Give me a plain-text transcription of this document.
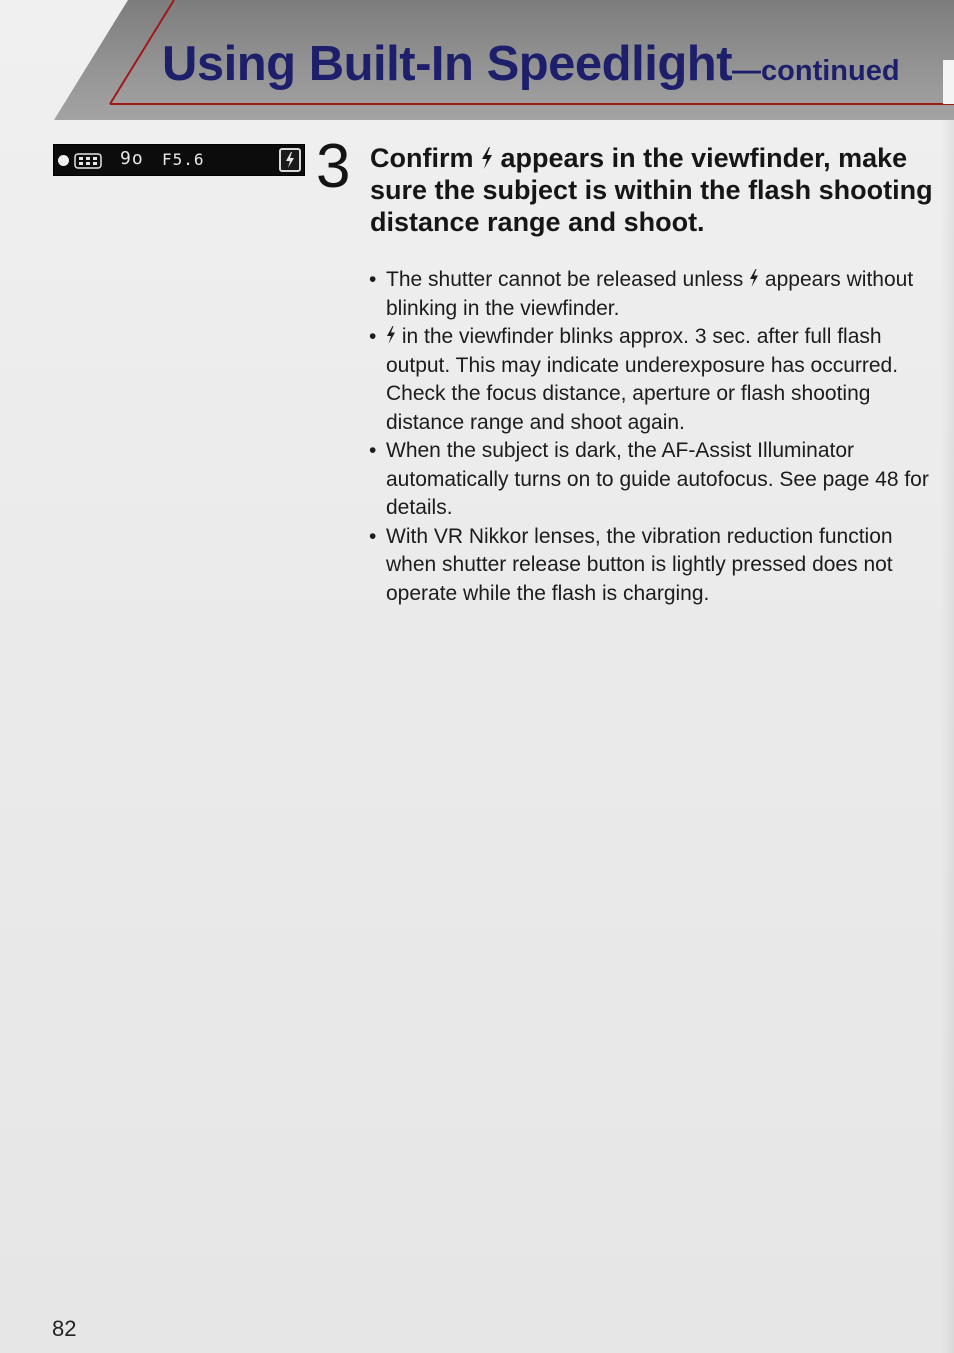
Using Built-In Speedlight—continued
9o F5.6 3 Confirm appears in the viewfinder, make sure the subject is within the flash shooting distance range and shoot.
• The shutter cannot be released unless appears without blinking in the viewfinder.
• in the viewfinder blinks approx. 3 sec. after full flash output. This may indicate underexposure has occurred. Check the focus distance, aperture or flash shooting distance range and shoot again.
• When the subject is dark, the AF-Assist Illuminator automatically turns on to guide autofocus. See page 48 for details.
• With VR Nikkor lenses, the vibration reduction function when shutter release button is lightly pressed does not operate while the flash is charging.
82
